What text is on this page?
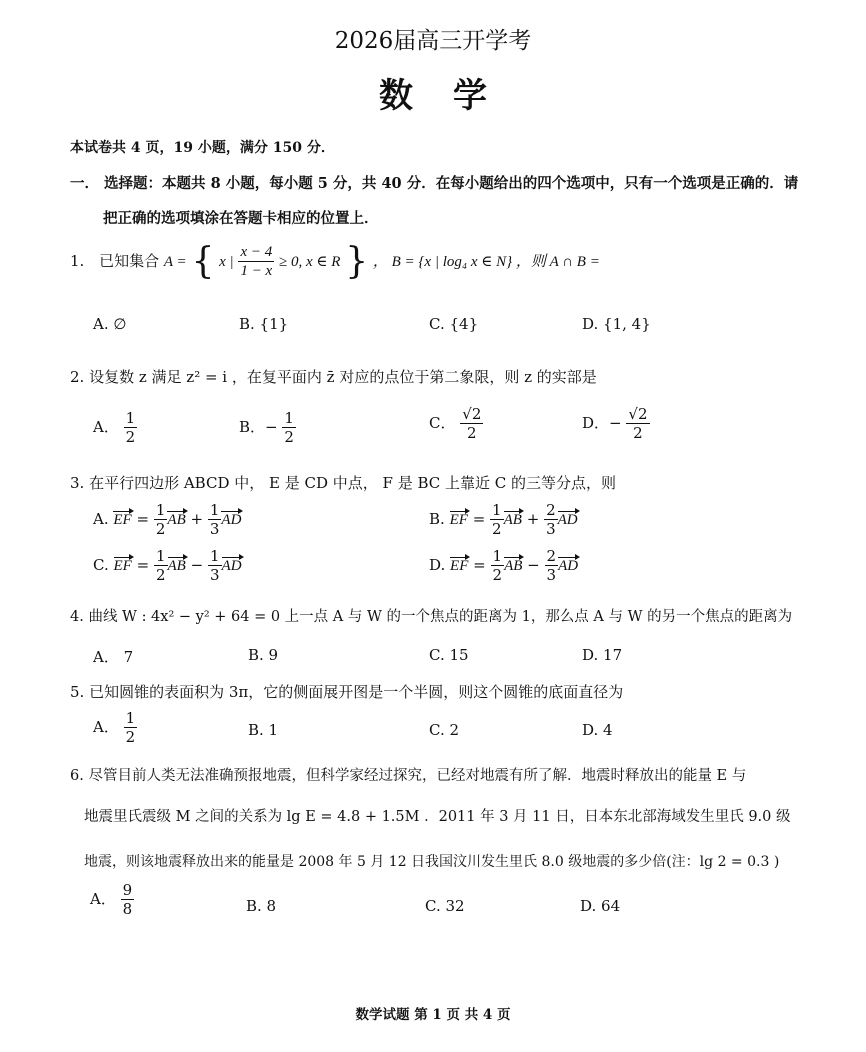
2026届高三开学考
数学
本试卷共 4 页，19 小题，满分 150 分．
一． 选择题：本题共 8 小题，每小题 5 分，共 40 分．在每小题给出的四个选项中，只有一个选项是正确的．请
把正确的选项填涂在答题卡相应的位置上．
1. 已知集合 A = { x | $\frac{x - 4}{1 - x} \ge 0$, x ∈ R } ， B = {x | log₄ x ∈ N} ，则 A ∩ B =
A. ∅	B. {1}	C. {4}	D. {1, 4}
2. 设复数 z 满足 z² = i ，在复平面内 z̄ 对应的点位于第二象限，则 z 的实部是
A． $\frac{1}{2}$	B．− $\frac{1}{2}$	C． $\frac{√2}{2}$	D．− $\frac{√2}{2}$
3. 在平行四边形 ABCD 中， E 是 CD 中点， F 是 BC 上靠近 C 的三等分点，则
A. EF = $\frac{1}{2}$ AB + $\frac{1}{3}$ AD	B. EF = $\frac{1}{2}$ AB + $\frac{2}{3}$ AD
C. EF = $\frac{1}{2}$ AB − $\frac{1}{3}$ AD	D. EF = $\frac{1}{2}$ AB − $\frac{2}{3}$ AD
4. 曲线 W : 4x² − y² + 64 = 0 上一点 A 与 W 的一个焦点的距离为 1，那么点 A 与 W 的另一个焦点的距离为
A． 7	B. 9	C. 15	D. 17
5. 已知圆锥的表面积为 3π，它的侧面展开图是一个半圆，则这个圆锥的底面直径为
A． $\frac{1}{2}$	B. 1	C. 2	D. 4
6. 尽管目前人类无法准确预报地震，但科学家经过探究，已经对地震有所了解．地震时释放出的能量 E 与
地震里氏震级 M 之间的关系为 lg E = 4.8 + 1.5M ．2011 年 3 月 11 日，日本东北部海域发生里氏 9.0 级
地震，则该地震释放出来的能量是 2008 年 5 月 12 日我国汶川发生里氏 8.0 级地震的多少倍(注：lg 2 = 0.3 )
A． $\frac{9}{8}$	B. 8	C. 32	D. 64
数学试题 第 1 页 共 4 页
